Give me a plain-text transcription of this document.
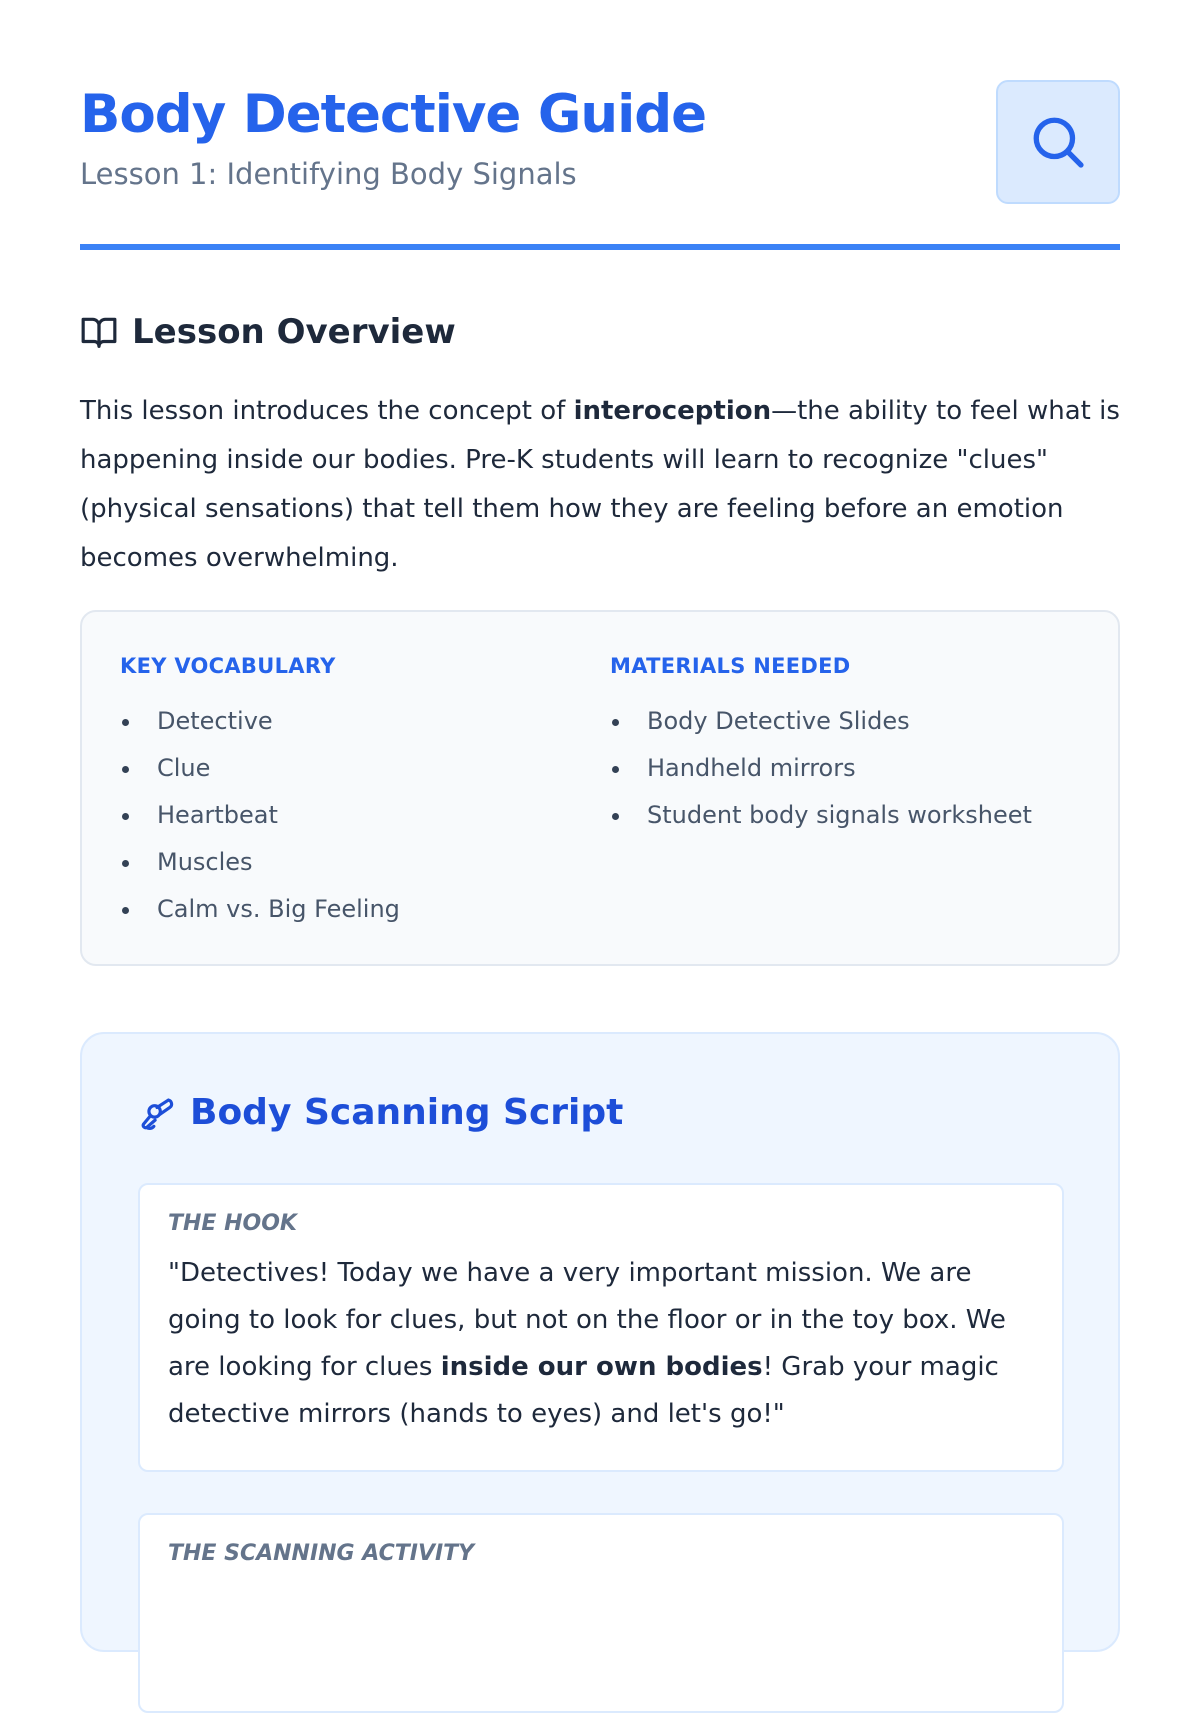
Body Detective Guide
Lesson 1: Identifying Body Signals
Lesson Overview

This lesson introduces the concept of interoception—the ability to feel what is happening inside our bodies. Pre-K students will learn to recognize "clues" (physical sensations) that tell them how they are feeling before an emotion becomes overwhelming.

KEY VOCABULARY
Detective
Clue
Heartbeat
Muscles
Calm vs. Big Feeling
MATERIALS NEEDED
Body Detective Slides
Handheld mirrors
Student body signals worksheet
Body Scanning Script
THE HOOK

"Detectives! Today we have a very important mission. We are going to look for clues, but not on the floor or in the toy box. We are looking for clues inside our own bodies! Grab your magic detective mirrors (hands to eyes) and let's go!"

THE SCANNING ACTIVITY
